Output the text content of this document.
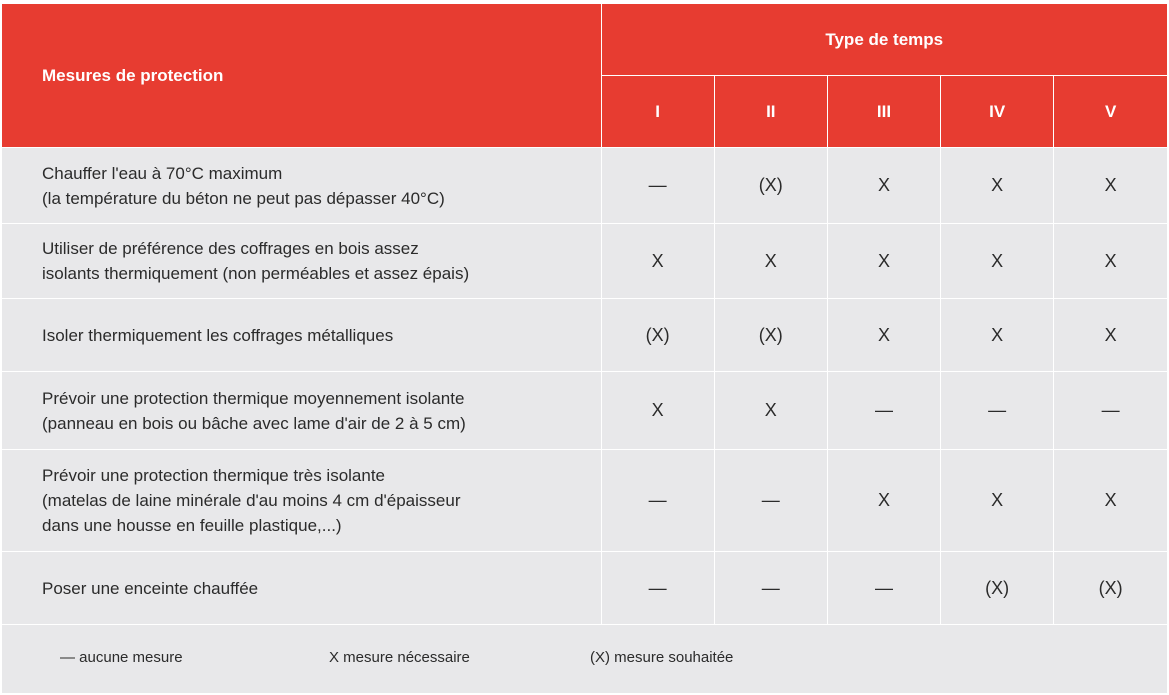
Mesures de protection	Type de temps				
	I	II	III	IV	V

Chauffer l'eau à 70°C maximum
(la température du béton ne peut pas dépasser 40°C)	—	(X)	X	X	X

Utiliser de préférence des coffrages en bois assez
isolants thermiquement (non perméables et assez épais)	X	X	X	X	X

Isoler thermiquement les coffrages métalliques	(X)	(X)	X	X	X

Prévoir une protection thermique moyennement isolante
(panneau en bois ou bâche avec lame d'air de 2 à 5 cm)	X	X	—	—	—

Prévoir une protection thermique très isolante
(matelas de laine minérale d'au moins 4 cm d'épaisseur
dans une housse en feuille plastique,...)	—	—	X	X	X

Poser une enceinte chauffée	—	—	—	(X)	(X)
— aucune mesure	X mesure nécessaire	(X) mesure souhaitée
